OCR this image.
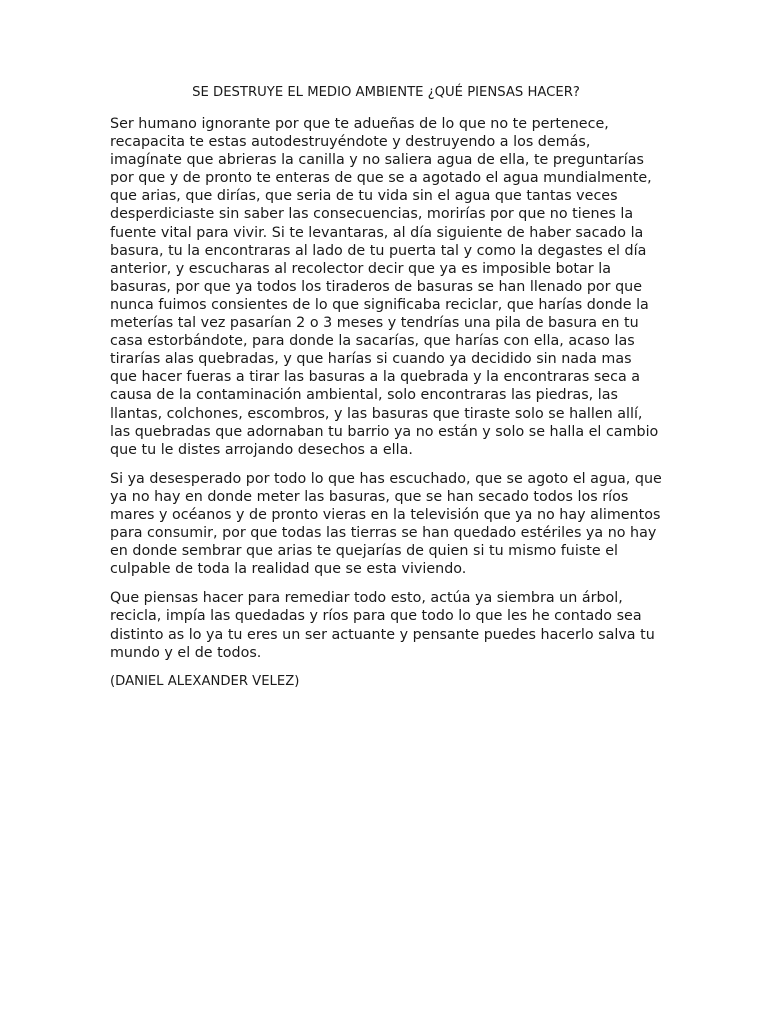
SE DESTRUYE EL MEDIO AMBIENTE ¿QUÉ PIENSAS HACER?

Ser humano ignorante por que te adueñas de lo que no te pertenece, recapacita te estas autodestruyéndote y destruyendo a los demás, imagínate que abrieras la canilla y no saliera agua de ella, te preguntarías por que y de pronto te enteras de que se a agotado el agua mundialmente, que arias, que dirías, que seria de tu vida sin el agua que tantas veces desperdiciaste sin saber las consecuencias, morirías por que no tienes la fuente vital para vivir. Si te levantaras, al día siguiente de haber sacado la basura, tu la encontraras al lado de tu puerta tal y como la degastes el día anterior, y escucharas al recolector decir que ya es imposible botar la basuras, por que ya todos los tiraderos de basuras se han llenado por que nunca fuimos consientes de lo que significaba reciclar, que harías donde la meterías tal vez pasarían 2 o 3 meses y tendrías una pila de basura en tu casa estorbándote, para donde la sacarías, que harías con ella, acaso las tirarías alas quebradas, y que harías si cuando ya decidido sin nada mas que hacer fueras a tirar las basuras a la quebrada y la encontraras seca a causa de la contaminación ambiental, solo encontraras las piedras, las llantas, colchones, escombros, y las basuras que tiraste solo se hallen allí, las quebradas que adornaban tu barrio ya no están y solo se halla el cambio que tu le distes arrojando desechos a ella.

Si ya desesperado por todo lo que has escuchado, que se agoto el agua, que ya no hay en donde meter las basuras, que se han secado todos los ríos mares y océanos y de pronto vieras en la televisión que ya no hay alimentos para consumir, por que todas las tierras se han quedado estériles ya no hay en donde sembrar que arias te quejarías de quien si tu mismo fuiste el culpable de toda la realidad que se esta viviendo.

Que piensas hacer para remediar todo esto, actúa ya siembra un árbol, recicla, impía las quedadas y ríos para que todo lo que les he contado sea distinto as lo ya tu eres un ser actuante y pensante puedes hacerlo salva tu mundo y el de todos.

(DANIEL ALEXANDER VELEZ)
